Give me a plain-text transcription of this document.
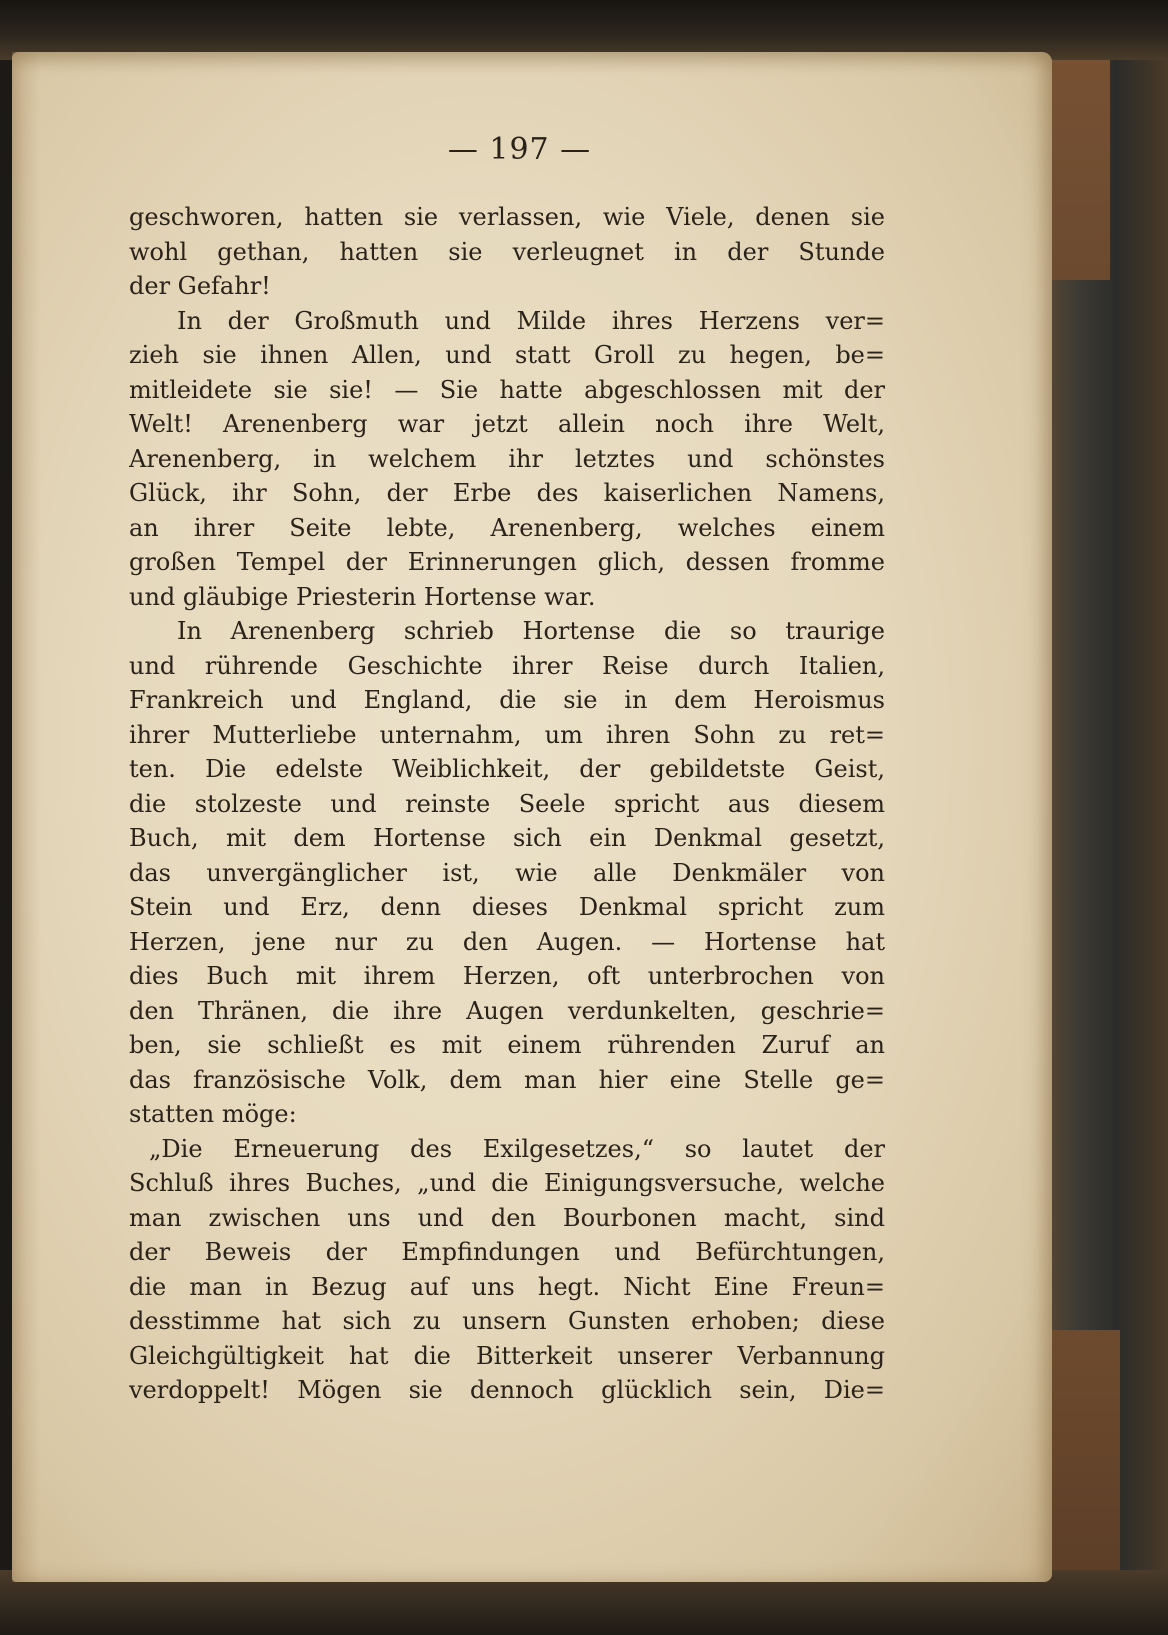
— 197 —
geschworen, hatten sie verlassen, wie Viele, denen sie
wohl gethan, hatten sie verleugnet in der Stunde
der Gefahr!
In der Großmuth und Milde ihres Herzens ver=
zieh sie ihnen Allen, und statt Groll zu hegen, be=
mitleidete sie sie! — Sie hatte abgeschlossen mit der
Welt! Arenenberg war jetzt allein noch ihre Welt,
Arenenberg, in welchem ihr letztes und schönstes
Glück, ihr Sohn, der Erbe des kaiserlichen Namens,
an ihrer Seite lebte, Arenenberg, welches einem
großen Tempel der Erinnerungen glich, dessen fromme
und gläubige Priesterin Hortense war.
In Arenenberg schrieb Hortense die so traurige
und rührende Geschichte ihrer Reise durch Italien,
Frankreich und England, die sie in dem Heroismus
ihrer Mutterliebe unternahm, um ihren Sohn zu ret=
ten. Die edelste Weiblichkeit, der gebildetste Geist,
die stolzeste und reinste Seele spricht aus diesem
Buch, mit dem Hortense sich ein Denkmal gesetzt,
das unvergänglicher ist, wie alle Denkmäler von
Stein und Erz, denn dieses Denkmal spricht zum
Herzen, jene nur zu den Augen. — Hortense hat
dies Buch mit ihrem Herzen, oft unterbrochen von
den Thränen, die ihre Augen verdunkelten, geschrie=
ben, sie schließt es mit einem rührenden Zuruf an
das französische Volk, dem man hier eine Stelle ge=
statten möge:
„Die Erneuerung des Exilgesetzes,“ so lautet der
Schluß ihres Buches, „und die Einigungsversuche, welche
man zwischen uns und den Bourbonen macht, sind
der Beweis der Empfindungen und Befürchtungen,
die man in Bezug auf uns hegt. Nicht Eine Freun=
desstimme hat sich zu unsern Gunsten erhoben; diese
Gleichgültigkeit hat die Bitterkeit unserer Verbannung
verdoppelt! Mögen sie dennoch glücklich sein, Die=
